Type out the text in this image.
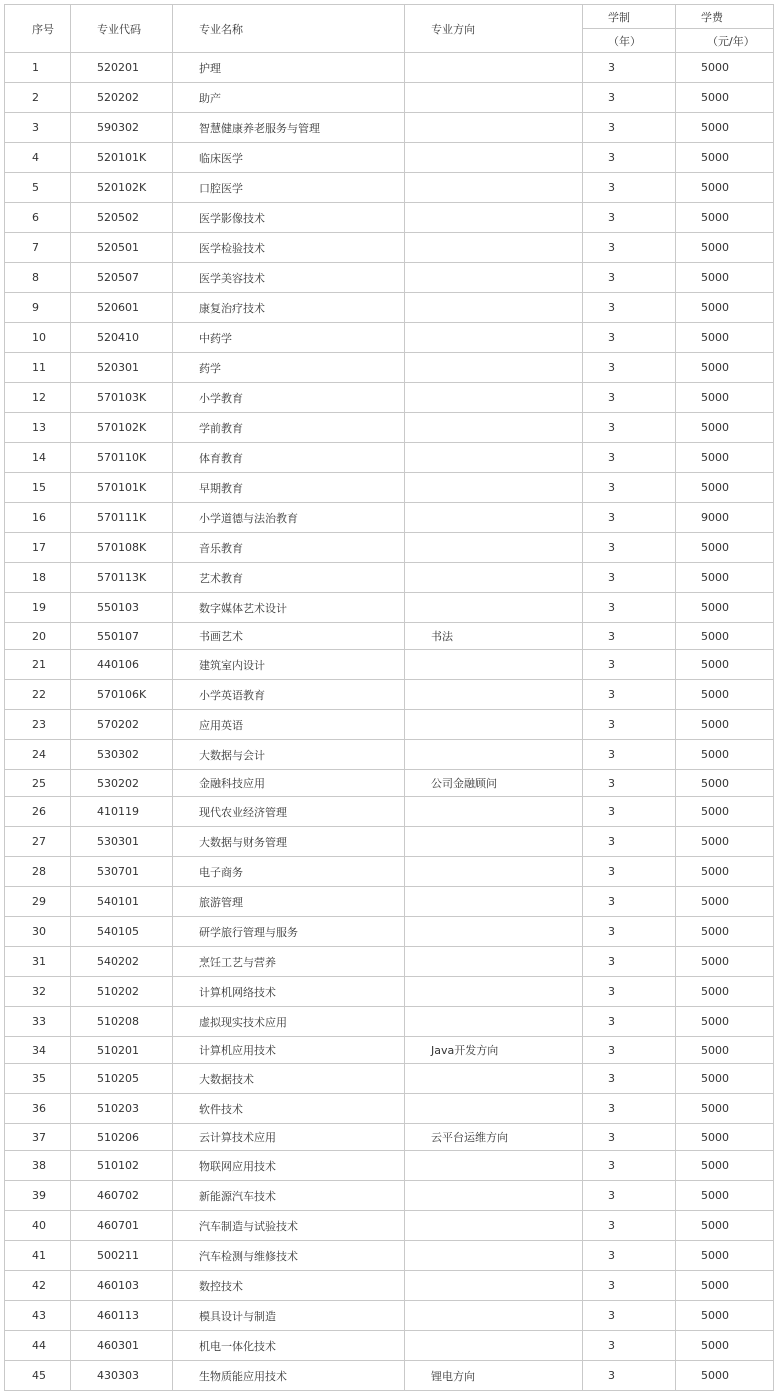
序号	专业代码	专业名称	专业方向	学制	学费
				（年）	（元/年）
1	520201	护理		3	5000
2	520202	助产		3	5000
3	590302	智慧健康养老服务与管理		3	5000
4	520101K	临床医学		3	5000
5	520102K	口腔医学		3	5000
6	520502	医学影像技术		3	5000
7	520501	医学检验技术		3	5000
8	520507	医学美容技术		3	5000
9	520601	康复治疗技术		3	5000
10	520410	中药学		3	5000
11	520301	药学		3	5000
12	570103K	小学教育		3	5000
13	570102K	学前教育		3	5000
14	570110K	体育教育		3	5000
15	570101K	早期教育		3	5000
16	570111K	小学道德与法治教育		3	9000
17	570108K	音乐教育		3	5000
18	570113K	艺术教育		3	5000
19	550103	数字媒体艺术设计		3	5000
20	550107	书画艺术	书法	3	5000
21	440106	建筑室内设计		3	5000
22	570106K	小学英语教育		3	5000
23	570202	应用英语		3	5000
24	530302	大数据与会计		3	5000
25	530202	金融科技应用	公司金融顾问	3	5000
26	410119	现代农业经济管理		3	5000
27	530301	大数据与财务管理		3	5000
28	530701	电子商务		3	5000
29	540101	旅游管理		3	5000
30	540105	研学旅行管理与服务		3	5000
31	540202	烹饪工艺与营养		3	5000
32	510202	计算机网络技术		3	5000
33	510208	虚拟现实技术应用		3	5000
34	510201	计算机应用技术	Java开发方向	3	5000
35	510205	大数据技术		3	5000
36	510203	软件技术		3	5000
37	510206	云计算技术应用	云平台运维方向	3	5000
38	510102	物联网应用技术		3	5000
39	460702	新能源汽车技术		3	5000
40	460701	汽车制造与试验技术		3	5000
41	500211	汽车检测与维修技术		3	5000
42	460103	数控技术		3	5000
43	460113	模具设计与制造		3	5000
44	460301	机电一体化技术		3	5000
45	430303	生物质能应用技术	锂电方向	3	5000
